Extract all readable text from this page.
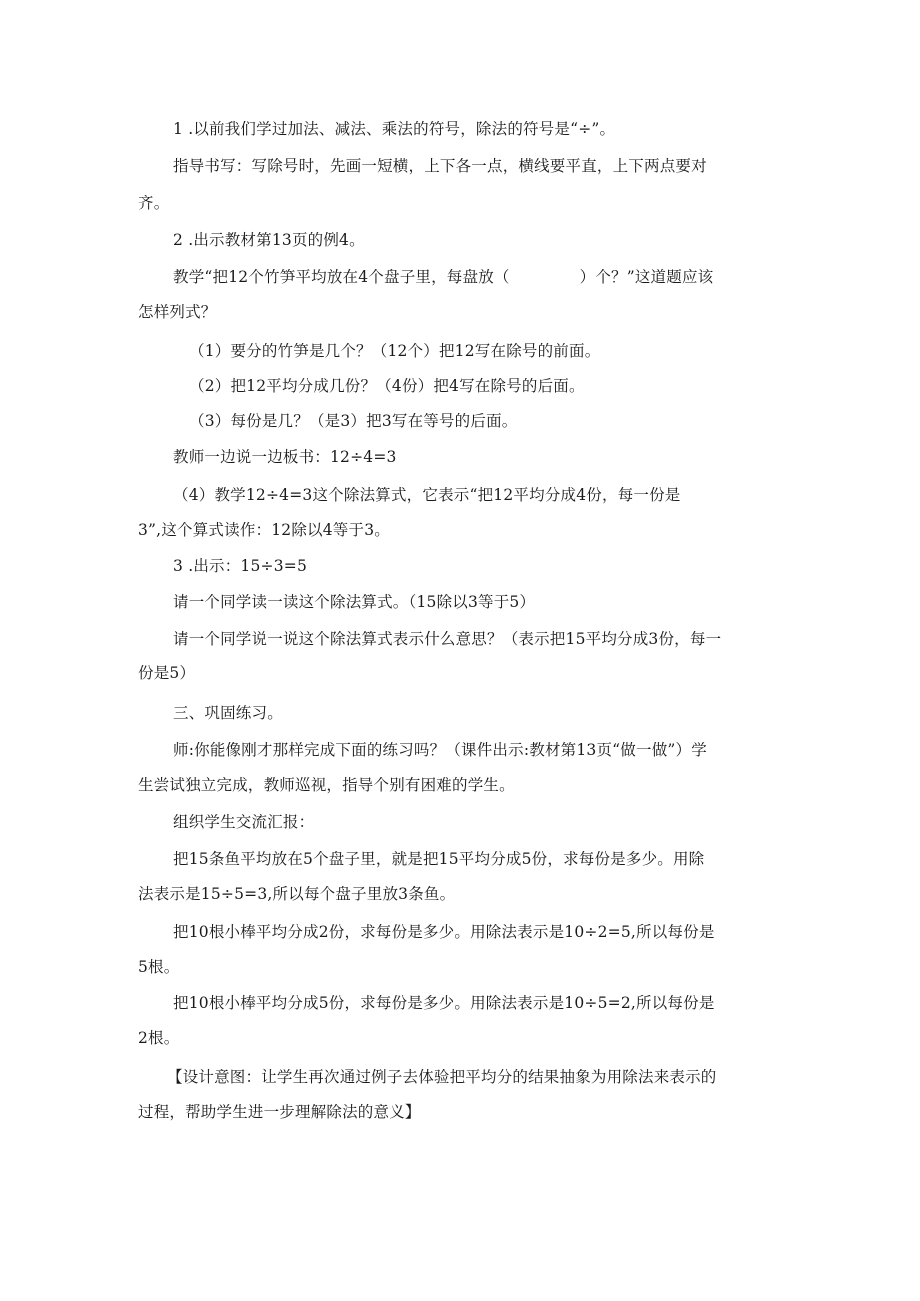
1 .以前我们学过加法、减法、乘法的符号，除法的符号是“÷”。
指导书写：写除号时，先画一短横，上下各一点，横线要平直，上下两点要对
齐。
2 .出示教材第13页的例4。
教学“把12个竹笋平均放在4个盘子里，每盘放（	）个？”这道题应该
怎样列式？
（1）要分的竹笋是几个？（12个）把12写在除号的前面。
（2）把12平均分成几份？（4份）把4写在除号的后面。
（3）每份是几？（是3）把3写在等号的后面。
教师一边说一边板书：12÷4=3
（4）教学12÷4=3这个除法算式，它表示“把12平均分成4份，每一份是
3”,这个算式读作：12除以4等于3。
3 .出示：15÷3=5
请一个同学读一读这个除法算式。（15除以3等于5）
请一个同学说一说这个除法算式表示什么意思？（表示把15平均分成3份，每一
份是5）
三、巩固练习。
师:你能像刚才那样完成下面的练习吗？（课件出示:教材第13页“做一做”）学
生尝试独立完成，教师巡视，指导个别有困难的学生。
组织学生交流汇报：
把15条鱼平均放在5个盘子里，就是把15平均分成5份，求每份是多少。用除
法表示是15÷5=3,所以每个盘子里放3条鱼。
把10根小棒平均分成2份，求每份是多少。用除法表示是10÷2=5,所以每份是
5根。
把10根小棒平均分成5份，求每份是多少。用除法表示是10÷5=2,所以每份是
2根。
【设计意图：让学生再次通过例子去体验把平均分的结果抽象为用除法来表示的
过程，帮助学生进一步理解除法的意义】
